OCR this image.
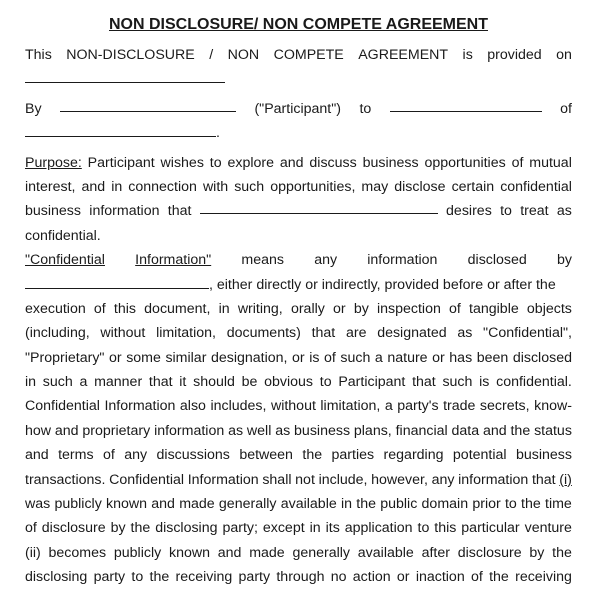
NON DISCLOSURE/ NON COMPETE AGREEMENT
This NON-DISCLOSURE / NON COMPETE AGREEMENT is provided on
By	("Participant") to	of
.
Purpose: Participant wishes to explore and discuss business opportunities of mutual
interest, and in connection with such opportunities, may disclose certain confidential
business information that	desires to treat as
confidential.
"Confidential Information" means any information disclosed by
, either directly or indirectly, provided before or after the
execution of this document, in writing, orally or by inspection of tangible objects
(including, without limitation, documents) that are designated as "Confidential",
"Proprietary" or some similar designation, or is of such a nature or has been disclosed
in such a manner that it should be obvious to Participant that such is confidential.
Confidential Information also includes, without limitation, a party's trade secrets, know-
how and proprietary information as well as business plans, financial data and the status
and terms of any discussions between the parties regarding potential business
transactions. Confidential Information shall not include, however, any information that (i)
was publicly known and made generally available in the public domain prior to the time
of disclosure by the disclosing party; except in its application to this particular venture
(ii) becomes publicly known and made generally available after disclosure by the
disclosing party to the receiving party through no action or inaction of the receiving
